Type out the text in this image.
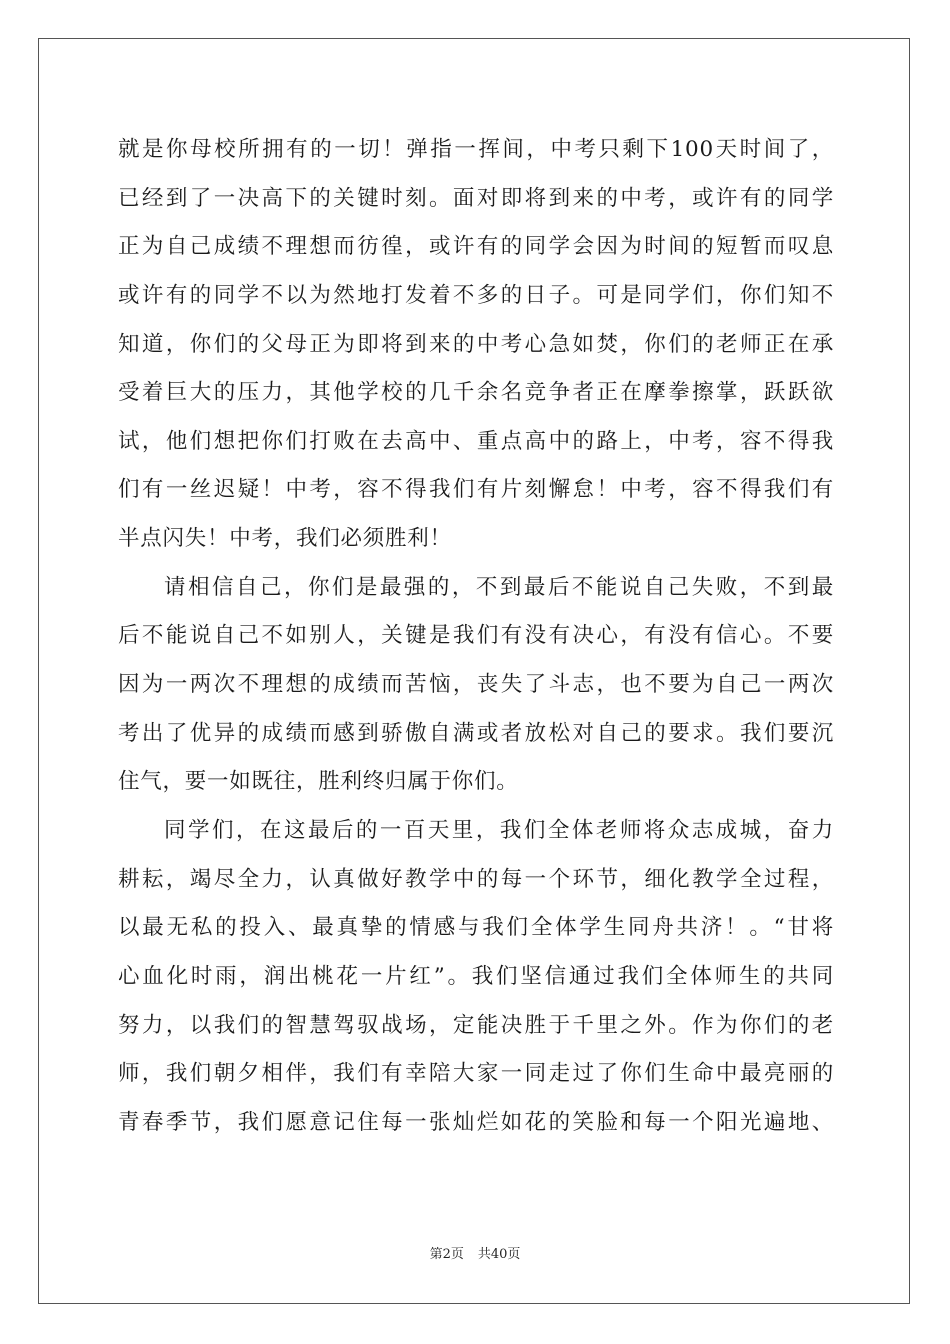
就是你母校所拥有的一切！弹指一挥间，中考只剩下100天时间了，
已经到了一决高下的关键时刻。面对即将到来的中考，或许有的同学
正为自己成绩不理想而彷徨，或许有的同学会因为时间的短暂而叹息
或许有的同学不以为然地打发着不多的日子。可是同学们，你们知不
知道，你们的父母正为即将到来的中考心急如焚，你们的老师正在承
受着巨大的压力，其他学校的几千余名竞争者正在摩拳擦掌，跃跃欲
试，他们想把你们打败在去高中、重点高中的路上，中考，容不得我
们有一丝迟疑！中考，容不得我们有片刻懈怠！中考，容不得我们有
半点闪失！中考，我们必须胜利！
请相信自己，你们是最强的，不到最后不能说自己失败，不到最
后不能说自己不如别人，关键是我们有没有决心，有没有信心。不要
因为一两次不理想的成绩而苦恼，丧失了斗志，也不要为自己一两次
考出了优异的成绩而感到骄傲自满或者放松对自己的要求。我们要沉
住气，要一如既往，胜利终归属于你们。
同学们，在这最后的一百天里，我们全体老师将众志成城，奋力
耕耘，竭尽全力，认真做好教学中的每一个环节，细化教学全过程，
以最无私的投入、最真挚的情感与我们全体学生同舟共济！。“甘将
心血化时雨，润出桃花一片红”。我们坚信通过我们全体师生的共同
努力，以我们的智慧驾驭战场，定能决胜于千里之外。作为你们的老
师，我们朝夕相伴，我们有幸陪大家一同走过了你们生命中最亮丽的
青春季节，我们愿意记住每一张灿烂如花的笑脸和每一个阳光遍地、
第2页 共40页
